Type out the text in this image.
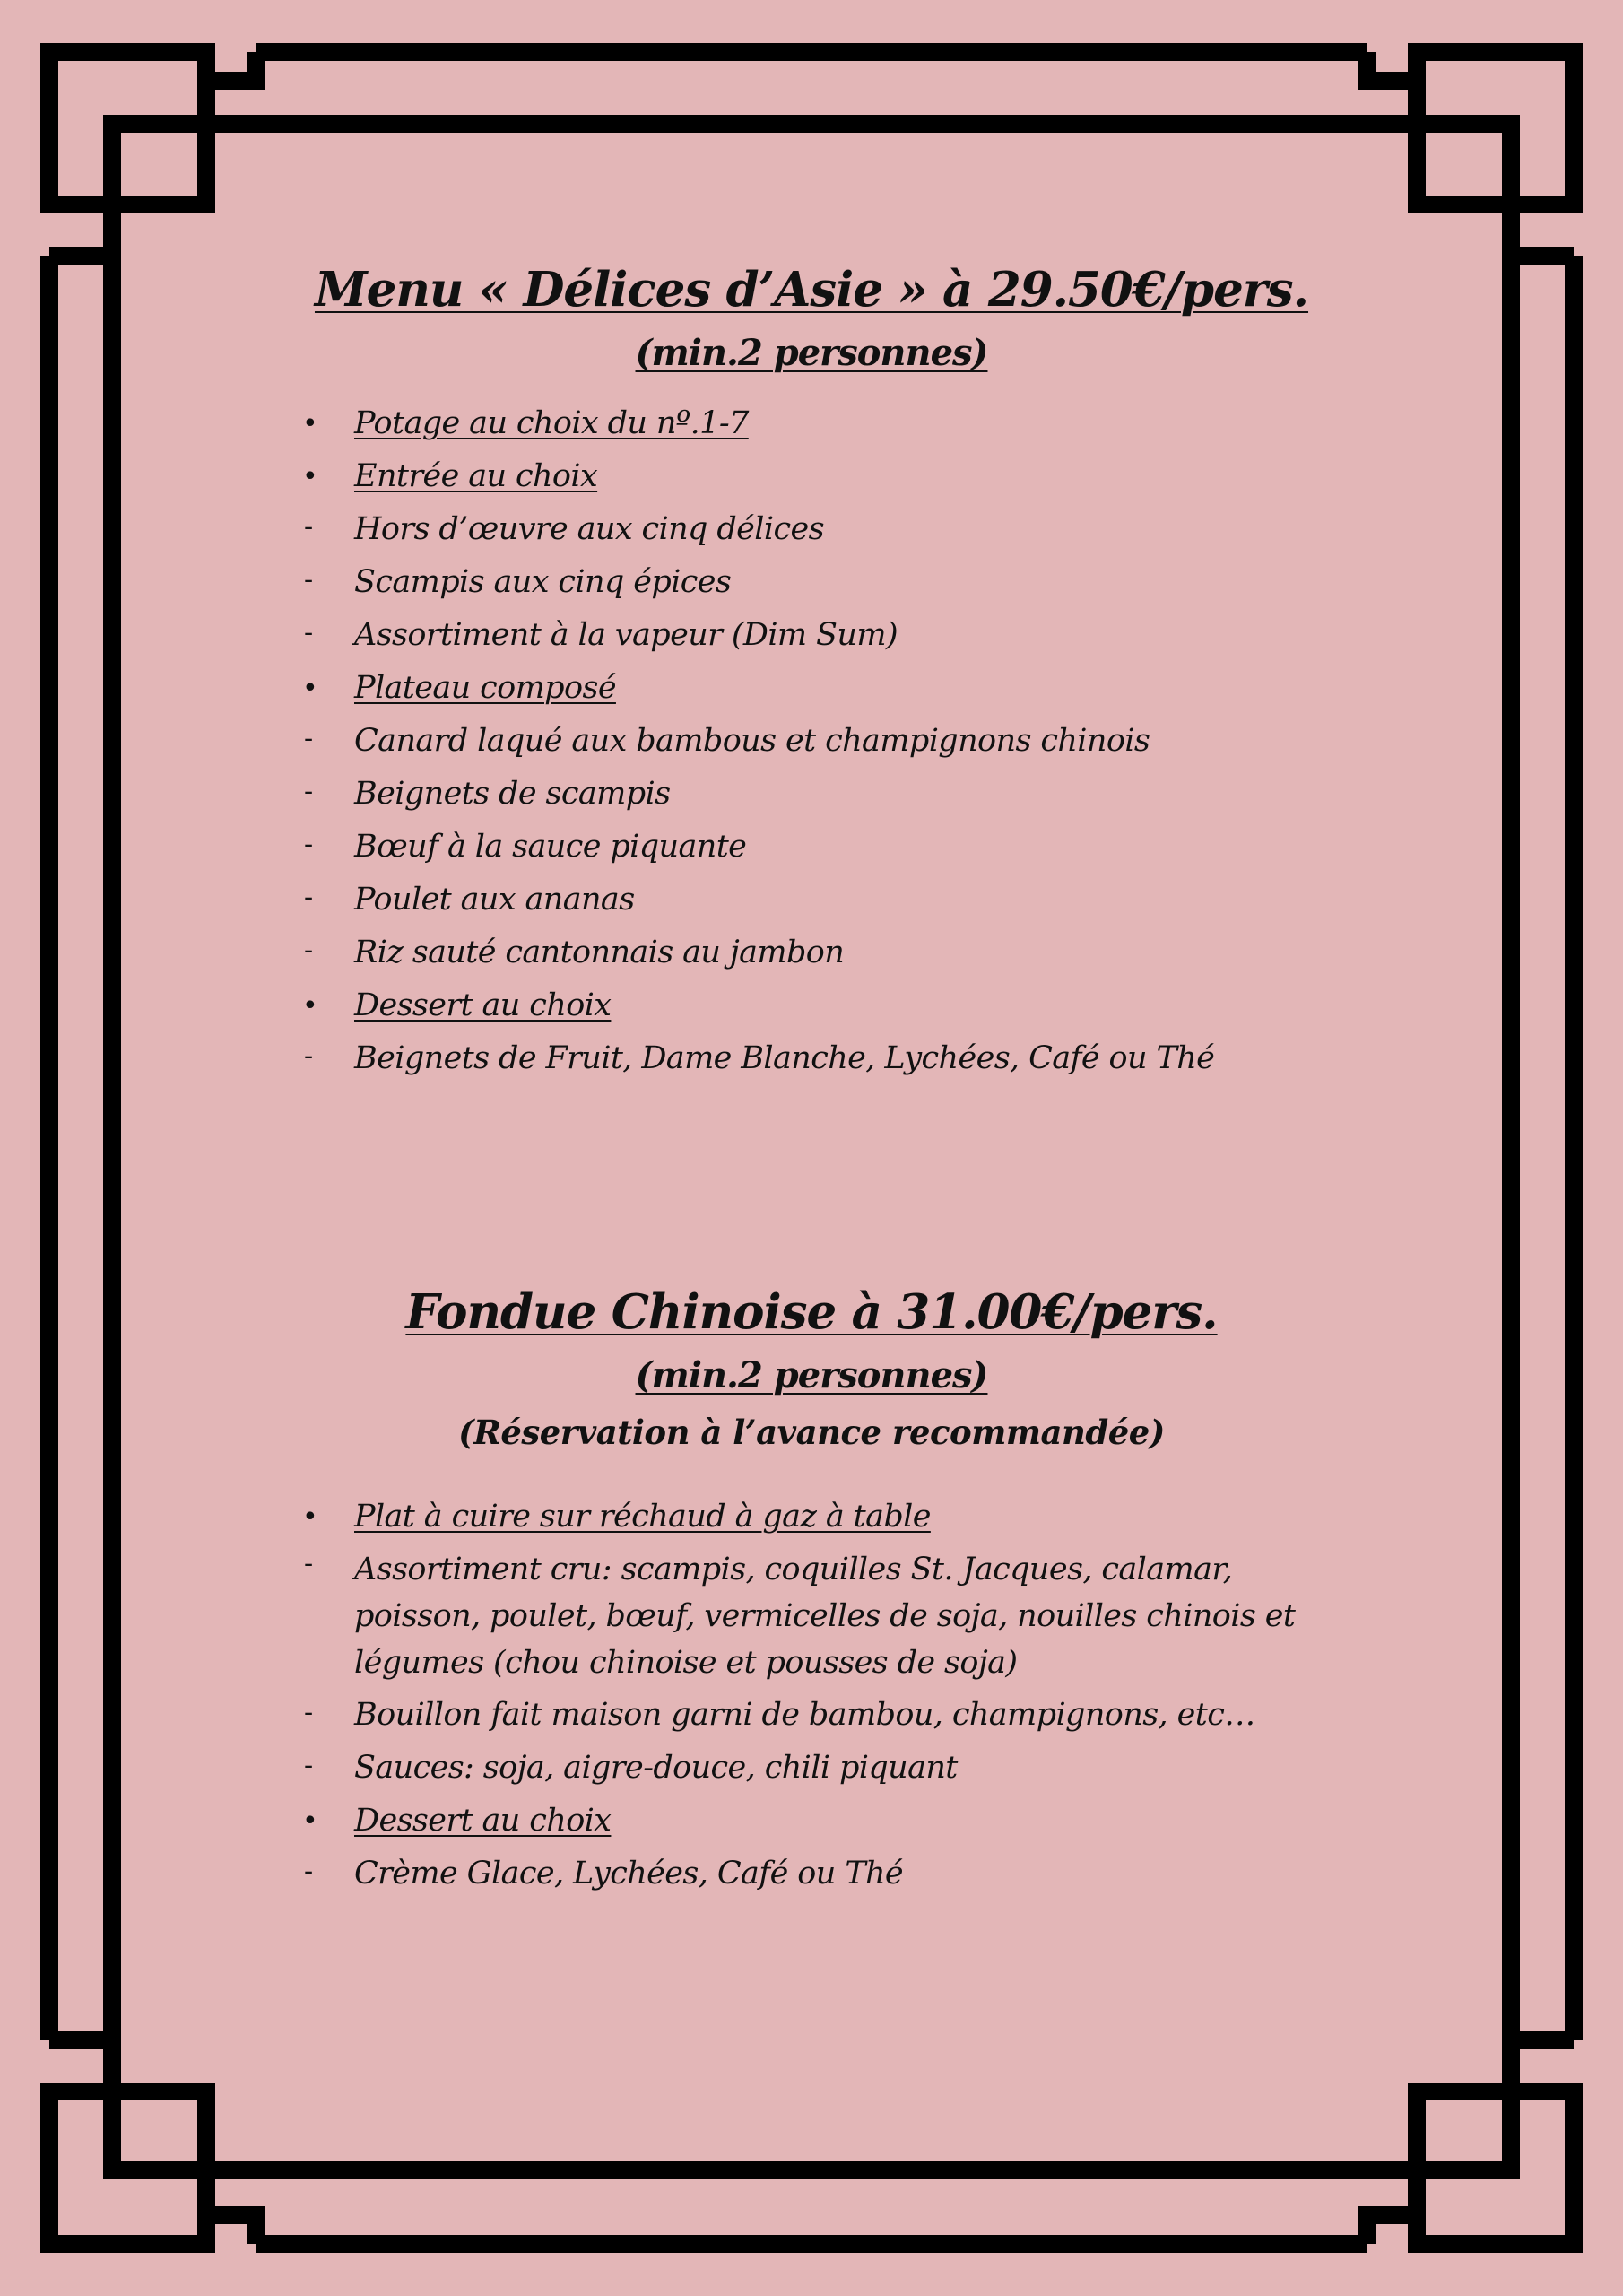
Menu « Délices d’Asie » à 29.50€/pers.
(min.2 personnes)
• Potage au choix du nº.1-7
• Entrée au choix
- Hors d’œuvre aux cinq délices
- Scampis aux cinq épices
- Assortiment à la vapeur (Dim Sum)
• Plateau composé
- Canard laqué aux bambous et champignons chinois
- Beignets de scampis
- Bœuf à la sauce piquante
- Poulet aux ananas
- Riz sauté cantonnais au jambon
• Dessert au choix
- Beignets de Fruit, Dame Blanche, Lychées, Café ou Thé
Fondue Chinoise à 31.00€/pers.
(min.2 personnes)
(Réservation à l’avance recommandée)
• Plat à cuire sur réchaud à gaz à table
- Assortiment cru: scampis, coquilles St. Jacques, calamar, poisson, poulet, bœuf, vermicelles de soja, nouilles chinois et légumes (chou chinoise et pousses de soja)
- Bouillon fait maison garni de bambou, champignons, etc…
- Sauces: soja, aigre-douce, chili piquant
• Dessert au choix
- Crème Glace, Lychées, Café ou Thé
